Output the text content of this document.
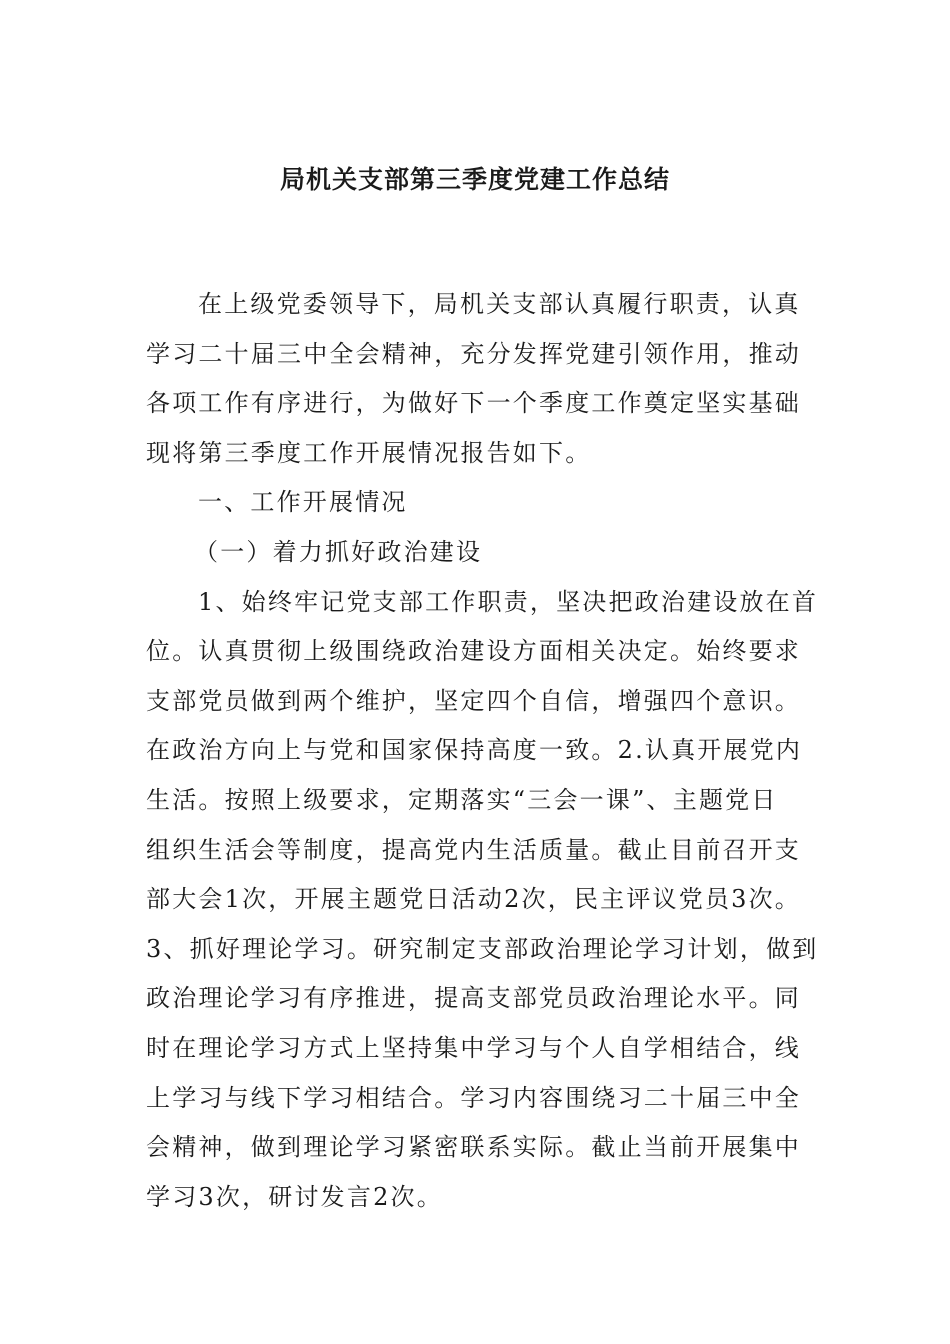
局机关支部第三季度党建工作总结
在上级党委领导下，局机关支部认真履行职责，认真
学习二十届三中全会精神，充分发挥党建引领作用，推动
各项工作有序进行，为做好下一个季度工作奠定坚实基础
现将第三季度工作开展情况报告如下。
一、工作开展情况
（一）着力抓好政治建设
1、始终牢记党支部工作职责，坚决把政治建设放在首
位。认真贯彻上级围绕政治建设方面相关决定。始终要求
支部党员做到两个维护，坚定四个自信，增强四个意识。
在政治方向上与党和国家保持高度一致。2.认真开展党内
生活。按照上级要求，定期落实“三会一课”、主题党日
组织生活会等制度，提高党内生活质量。截止目前召开支
部大会1次，开展主题党日活动2次，民主评议党员3次。
3、抓好理论学习。研究制定支部政治理论学习计划，做到
政治理论学习有序推进，提高支部党员政治理论水平。同
时在理论学习方式上坚持集中学习与个人自学相结合，线
上学习与线下学习相结合。学习内容围绕习二十届三中全
会精神，做到理论学习紧密联系实际。截止当前开展集中
学习3次，研讨发言2次。
